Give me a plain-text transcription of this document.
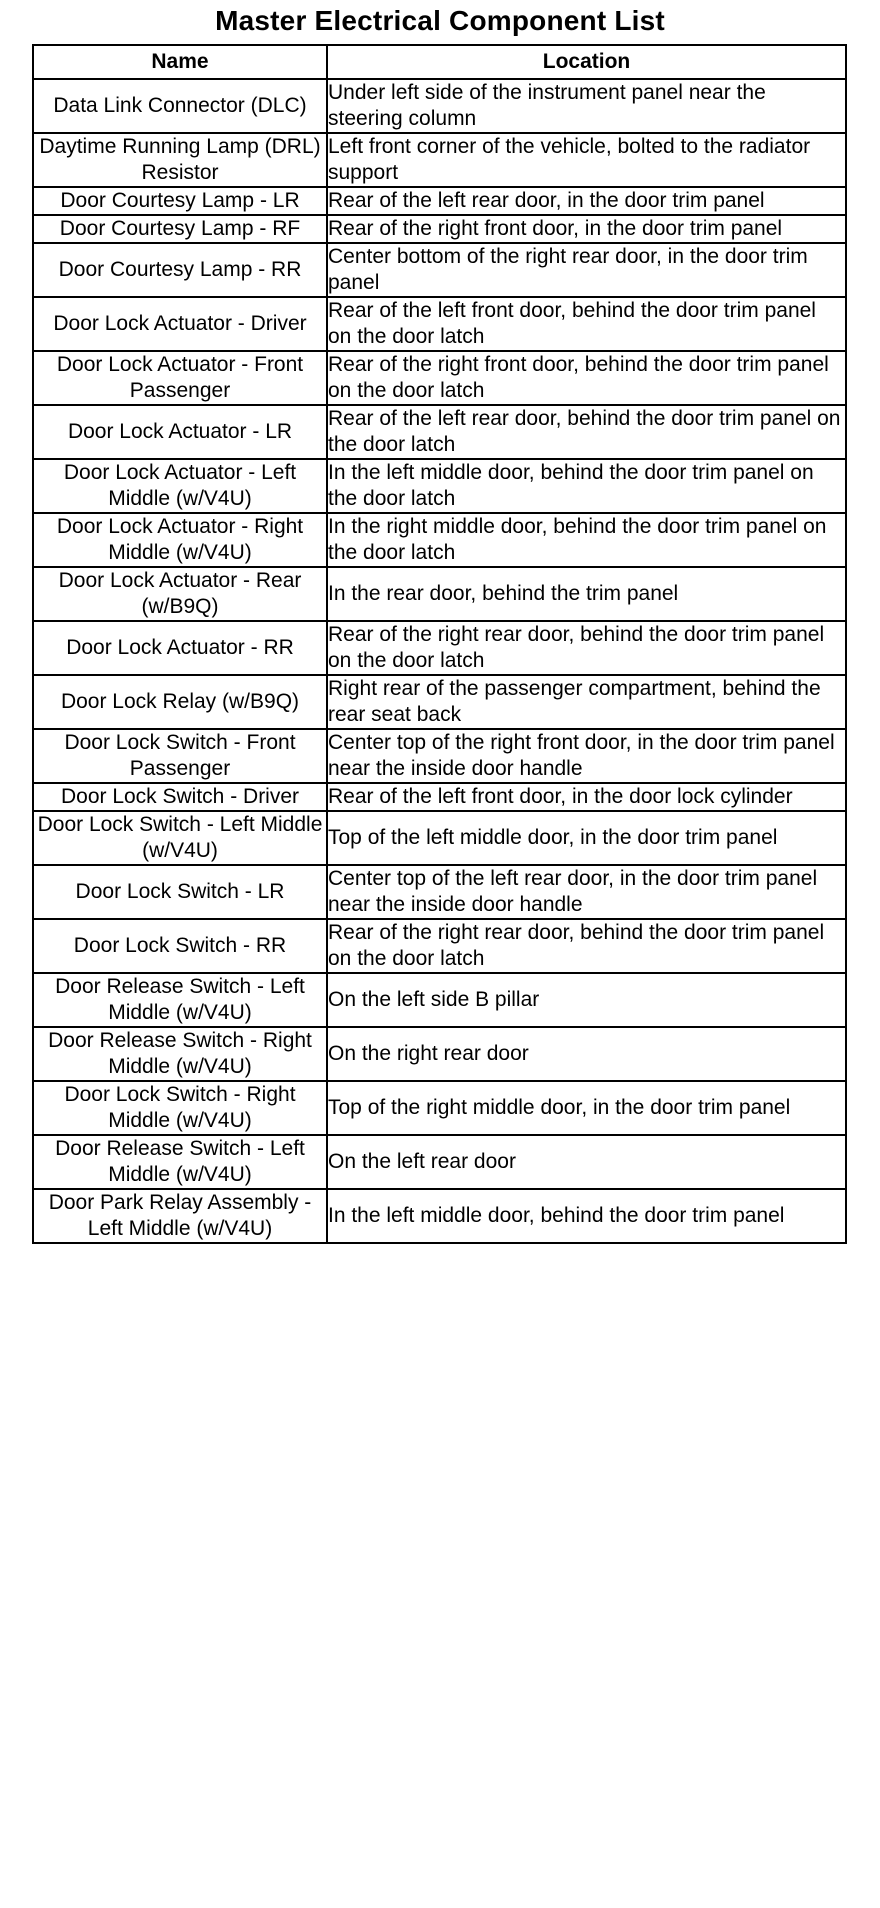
Master Electrical Component List
Name	Location
Data Link Connector (DLC)	Under left side of the instrument panel near the steering column
Daytime Running Lamp (DRL) Resistor	Left front corner of the vehicle, bolted to the radiator support
Door Courtesy Lamp - LR	Rear of the left rear door, in the door trim panel
Door Courtesy Lamp - RF	Rear of the right front door, in the door trim panel
Door Courtesy Lamp - RR	Center bottom of the right rear door, in the door trim panel
Door Lock Actuator - Driver	Rear of the left front door, behind the door trim panel on the door latch
Door Lock Actuator - Front Passenger	Rear of the right front door, behind the door trim panel on the door latch
Door Lock Actuator - LR	Rear of the left rear door, behind the door trim panel on the door latch
Door Lock Actuator - Left Middle (w/V4U)	In the left middle door, behind the door trim panel on the door latch
Door Lock Actuator - Right Middle (w/V4U)	In the right middle door, behind the door trim panel on the door latch
Door Lock Actuator - Rear (w/B9Q)	In the rear door, behind the trim panel
Door Lock Actuator - RR	Rear of the right rear door, behind the door trim panel on the door latch
Door Lock Relay (w/B9Q)	Right rear of the passenger compartment, behind the rear seat back
Door Lock Switch - Front Passenger	Center top of the right front door, in the door trim panel near the inside door handle
Door Lock Switch - Driver	Rear of the left front door, in the door lock cylinder
Door Lock Switch - Left Middle (w/V4U)	Top of the left middle door, in the door trim panel
Door Lock Switch - LR	Center top of the left rear door, in the door trim panel near the inside door handle
Door Lock Switch - RR	Rear of the right rear door, behind the door trim panel on the door latch
Door Release Switch - Left Middle (w/V4U)	On the left side B pillar
Door Release Switch - Right Middle (w/V4U)	On the right rear door
Door Lock Switch - Right Middle (w/V4U)	Top of the right middle door, in the door trim panel
Door Release Switch - Left Middle (w/V4U)	On the left rear door
Door Park Relay Assembly - Left Middle (w/V4U)	In the left middle door, behind the door trim panel
